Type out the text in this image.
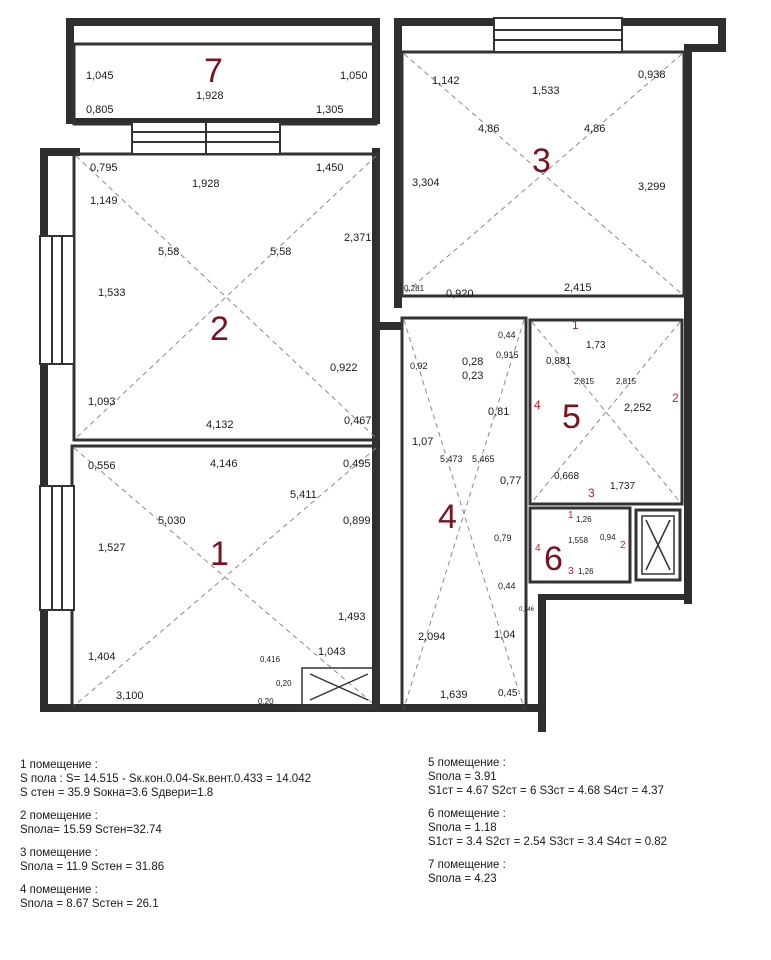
1
2
3
4
5
6
7
0,556	4,146	0,495
5,411
5,030	0,899
1,527
1,493
1,404	0,416
1,043
0,20
0,20
3,100
0,795	1,450
1,928
1,149
2,371
5,58	5,58
1,533
0,922
1,093
4,132	0,467
1,142	0,938
1,533
4,86	4,86
3,304	3,299
0,281 0,920	2,415
0,44
0,915
0,92	0,28
0,23
0,81
1,07
5,473 5,465
0,77
0,79
0,44
0,146
2,094	1,04
1,639	0,45
1,73
0,881
2,815	2,815
2,252
0,668
1,737
1
2
3
4
1,26
1,558 0,94
1,26
1
2
3
4
1,045	1,050
0,805
1,928
1,305
1 помещение :
S пола : S= 14.515 - Sк.кон.0.04-Sк.вент.0.433 = 14.042
S стен = 35.9 Sокна=3.6 Sдвери=1.8
2 помещение :
Sпола= 15.59 Sстен=32.74
3 помещение :
Sпола = 11.9 Sстен = 31.86
4 помещение :
Sпола = 8.67 Sстен = 26.1
5 помещение :
Sпола = 3.91
S1ст = 4.67 S2ст = 6 S3ст = 4.68 S4ст = 4.37
6 помещение :
Sпола = 1.18
S1ст = 3.4 S2ст = 2.54 S3ст = 3.4 S4ст = 0.82
7 помещение :
Sпола = 4.23
